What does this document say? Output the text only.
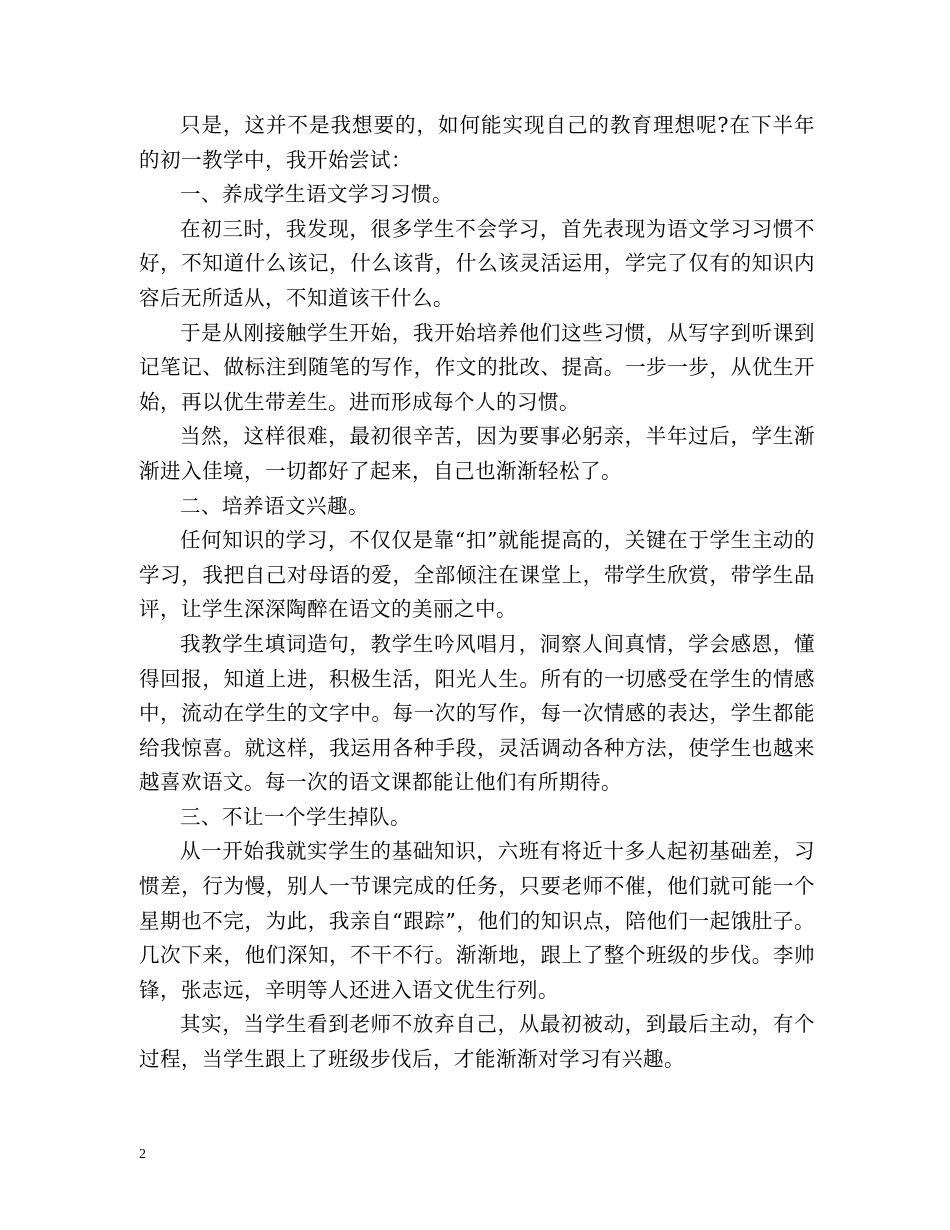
只是，这并不是我想要的，如何能实现自己的教育理想呢?在下半年的初一教学中，我开始尝试：

一、养成学生语文学习习惯。

在初三时，我发现，很多学生不会学习，首先表现为语文学习习惯不好，不知道什么该记，什么该背，什么该灵活运用，学完了仅有的知识内容后无所适从，不知道该干什么。

于是从刚接触学生开始，我开始培养他们这些习惯，从写字到听课到记笔记、做标注到随笔的写作，作文的批改、提高。一步一步，从优生开始，再以优生带差生。进而形成每个人的习惯。

当然，这样很难，最初很辛苦，因为要事必躬亲，半年过后，学生渐渐进入佳境，一切都好了起来，自己也渐渐轻松了。

二、培养语文兴趣。

任何知识的学习，不仅仅是靠“扣”就能提高的，关键在于学生主动的学习，我把自己对母语的爱，全部倾注在课堂上，带学生欣赏，带学生品评，让学生深深陶醉在语文的美丽之中。

我教学生填词造句，教学生吟风唱月，洞察人间真情，学会感恩，懂得回报，知道上进，积极生活，阳光人生。所有的一切感受在学生的情感中，流动在学生的文字中。每一次的写作，每一次情感的表达，学生都能给我惊喜。就这样，我运用各种手段，灵活调动各种方法，使学生也越来越喜欢语文。每一次的语文课都能让他们有所期待。

三、不让一个学生掉队。

从一开始我就实学生的基础知识，六班有将近十多人起初基础差，习惯差，行为慢，别人一节课完成的任务，只要老师不催，他们就可能一个星期也不完，为此，我亲自“跟踪”，他们的知识点，陪他们一起饿肚子。几次下来，他们深知，不干不行。渐渐地，跟上了整个班级的步伐。李帅锋，张志远，辛明等人还进入语文优生行列。

其实，当学生看到老师不放弃自己，从最初被动，到最后主动，有个过程，当学生跟上了班级步伐后，才能渐渐对学习有兴趣。

2
